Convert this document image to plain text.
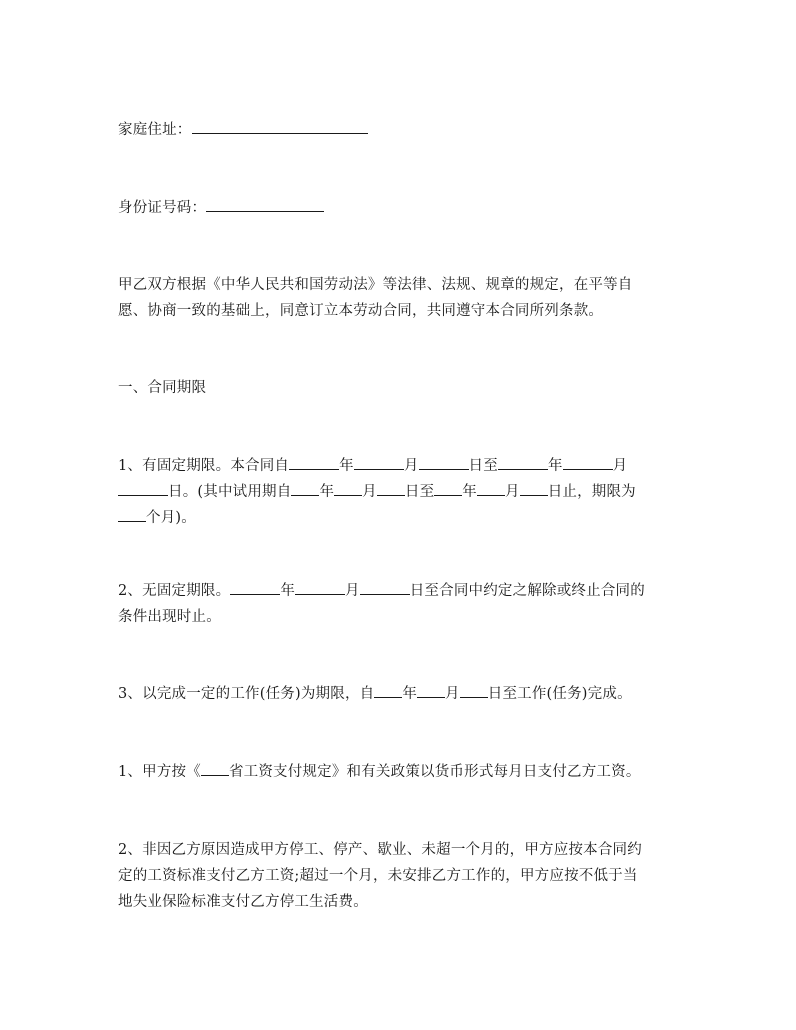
家庭住址：
身份证号码：
甲乙双方根据《中华人民共和国劳动法》等法律、法规、规章的规定，在平等自
愿、协商一致的基础上，同意订立本劳动合同，共同遵守本合同所列条款。
一、合同期限
1、有固定期限。本合同自	年	月	日至	年	月
日。(其中试用期自 年 月 日至 年 月 日止，期限为
个月)。
2、无固定期限。	年	月	日至合同中约定之解除或终止合同的
条件出现时止。
3、以完成一定的工作(任务)为期限，自 年 月 日至工作(任务)完成。
1、甲方按《 省工资支付规定》和有关政策以货币形式每月日支付乙方工资。
2、非因乙方原因造成甲方停工、停产、歇业、未超一个月的，甲方应按本合同约
定的工资标准支付乙方工资;超过一个月，未安排乙方工作的，甲方应按不低于当
地失业保险标准支付乙方停工生活费。
